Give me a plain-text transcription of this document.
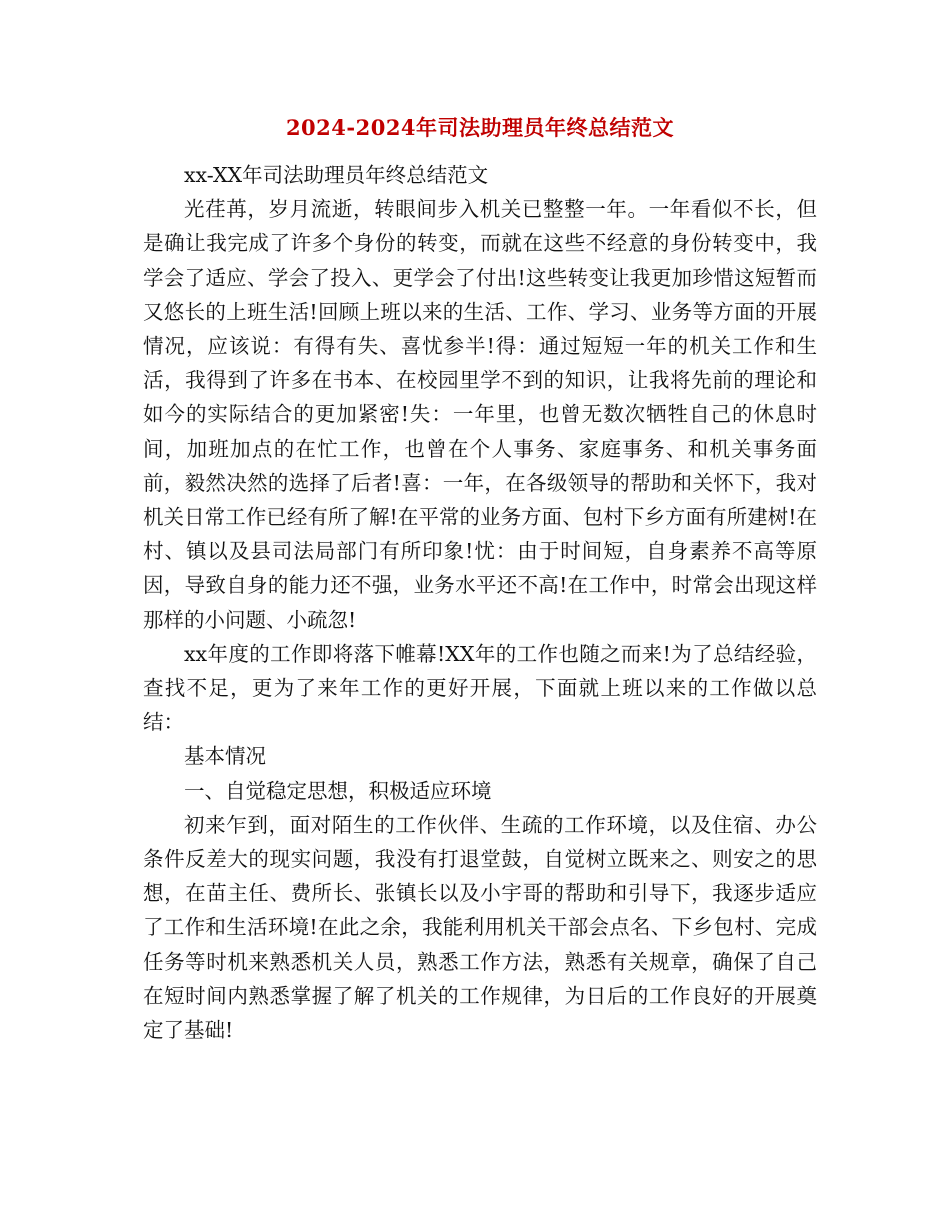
2024-2024年司法助理员年终总结范文

xx-XX年司法助理员年终总结范文

光荏苒，岁月流逝，转眼间步入机关已整整一年。一年看似不长，但是确让我完成了许多个身份的转变，而就在这些不经意的身份转变中，我学会了适应、学会了投入、更学会了付出!这些转变让我更加珍惜这短暂而又悠长的上班生活!回顾上班以来的生活、工作、学习、业务等方面的开展情况，应该说：有得有失、喜忧参半!得：通过短短一年的机关工作和生活，我得到了许多在书本、在校园里学不到的知识，让我将先前的理论和如今的实际结合的更加紧密!失：一年里，也曾无数次牺牲自己的休息时间，加班加点的在忙工作，也曾在个人事务、家庭事务、和机关事务面前，毅然决然的选择了后者!喜：一年，在各级领导的帮助和关怀下，我对机关日常工作已经有所了解!在平常的业务方面、包村下乡方面有所建树!在村、镇以及县司法局部门有所印象!忧：由于时间短，自身素养不高等原因，导致自身的能力还不强，业务水平还不高!在工作中，时常会出现这样那样的小问题、小疏忽!

xx年度的工作即将落下帷幕!XX年的工作也随之而来!为了总结经验，查找不足，更为了来年工作的更好开展，下面就上班以来的工作做以总结：

基本情况

一、自觉稳定思想，积极适应环境

初来乍到，面对陌生的工作伙伴、生疏的工作环境，以及住宿、办公条件反差大的现实问题，我没有打退堂鼓，自觉树立既来之、则安之的思想，在苗主任、费所长、张镇长以及小宇哥的帮助和引导下，我逐步适应了工作和生活环境!在此之余，我能利用机关干部会点名、下乡包村、完成任务等时机来熟悉机关人员，熟悉工作方法，熟悉有关规章，确保了自己在短时间内熟悉掌握了解了机关的工作规律，为日后的工作良好的开展奠定了基础!
